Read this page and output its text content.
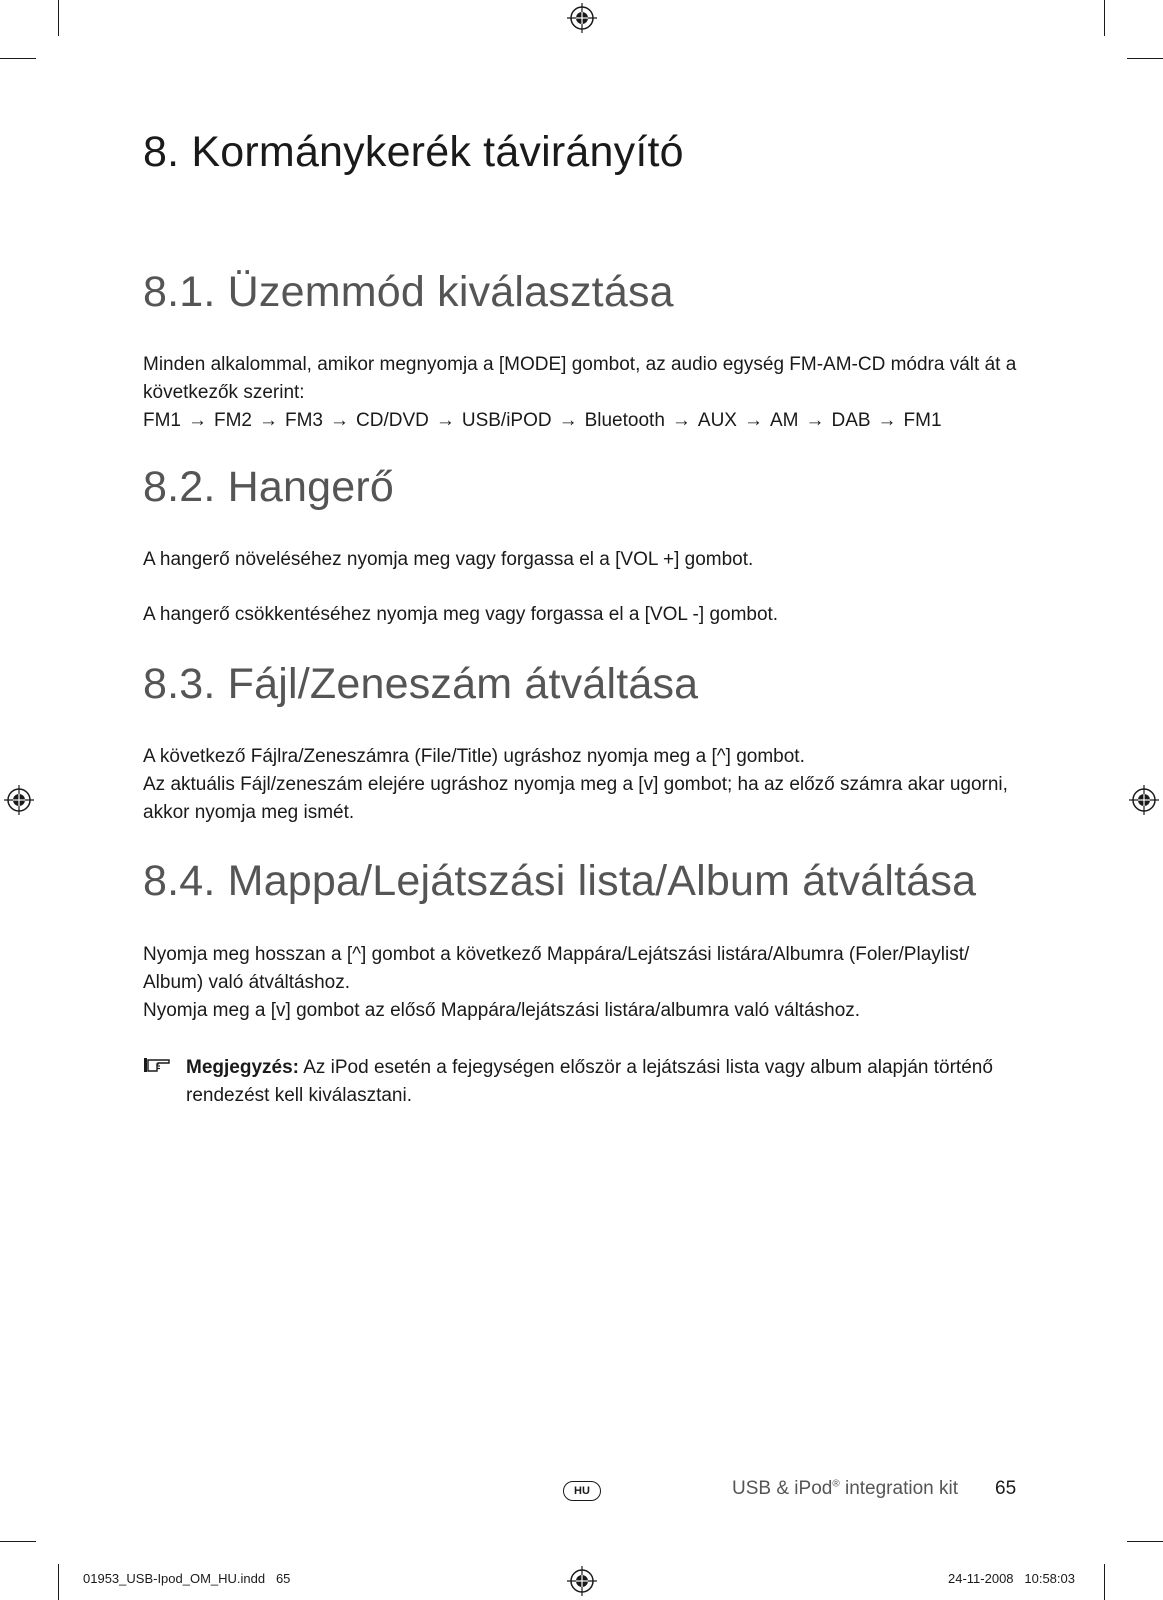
8. Kormánykerék távirányító
8.1. Üzemmód kiválasztása

Minden alkalommal, amikor megnyomja a [MODE] gombot, az audio egység FM-AM-CD módra vált át a következők szerint:

FM1 → FM2 → FM3 → CD/DVD → USB/iPOD → Bluetooth → AUX → AM → DAB → FM1
8.2. Hangerő

A hangerő növeléséhez nyomja meg vagy forgassa el a [VOL +] gombot.

A hangerő csökkentéséhez nyomja meg vagy forgassa el a [VOL -] gombot.

8.3. Fájl/Zeneszám átváltása

A következő Fájlra/Zeneszámra (File/Title) ugráshoz nyomja meg a [^] gombot.

Az aktuális Fájl/zeneszám elejére ugráshoz nyomja meg a [v] gombot; ha az előző számra akar ugorni, akkor nyomja meg ismét.

8.4. Mappa/Lejátszási lista/Album átváltása

Nyomja meg hosszan a [^] gombot a következő Mappára/Lejátszási listára/Albumra (Foler/Playlist/ Album) való átváltáshoz.

Nyomja meg a [v] gombot az előső Mappára/lejátszási listára/albumra való váltáshoz.

Megjegyzés: Az iPod esetén a fejegységen először a lejátszási lista vagy album alapján történő rendezést kell kiválasztani.

HU	USB & iPod® integration kit 65
01953_USB-Ipod_OM_HU.indd   65	24-11-2008   10:58:03
